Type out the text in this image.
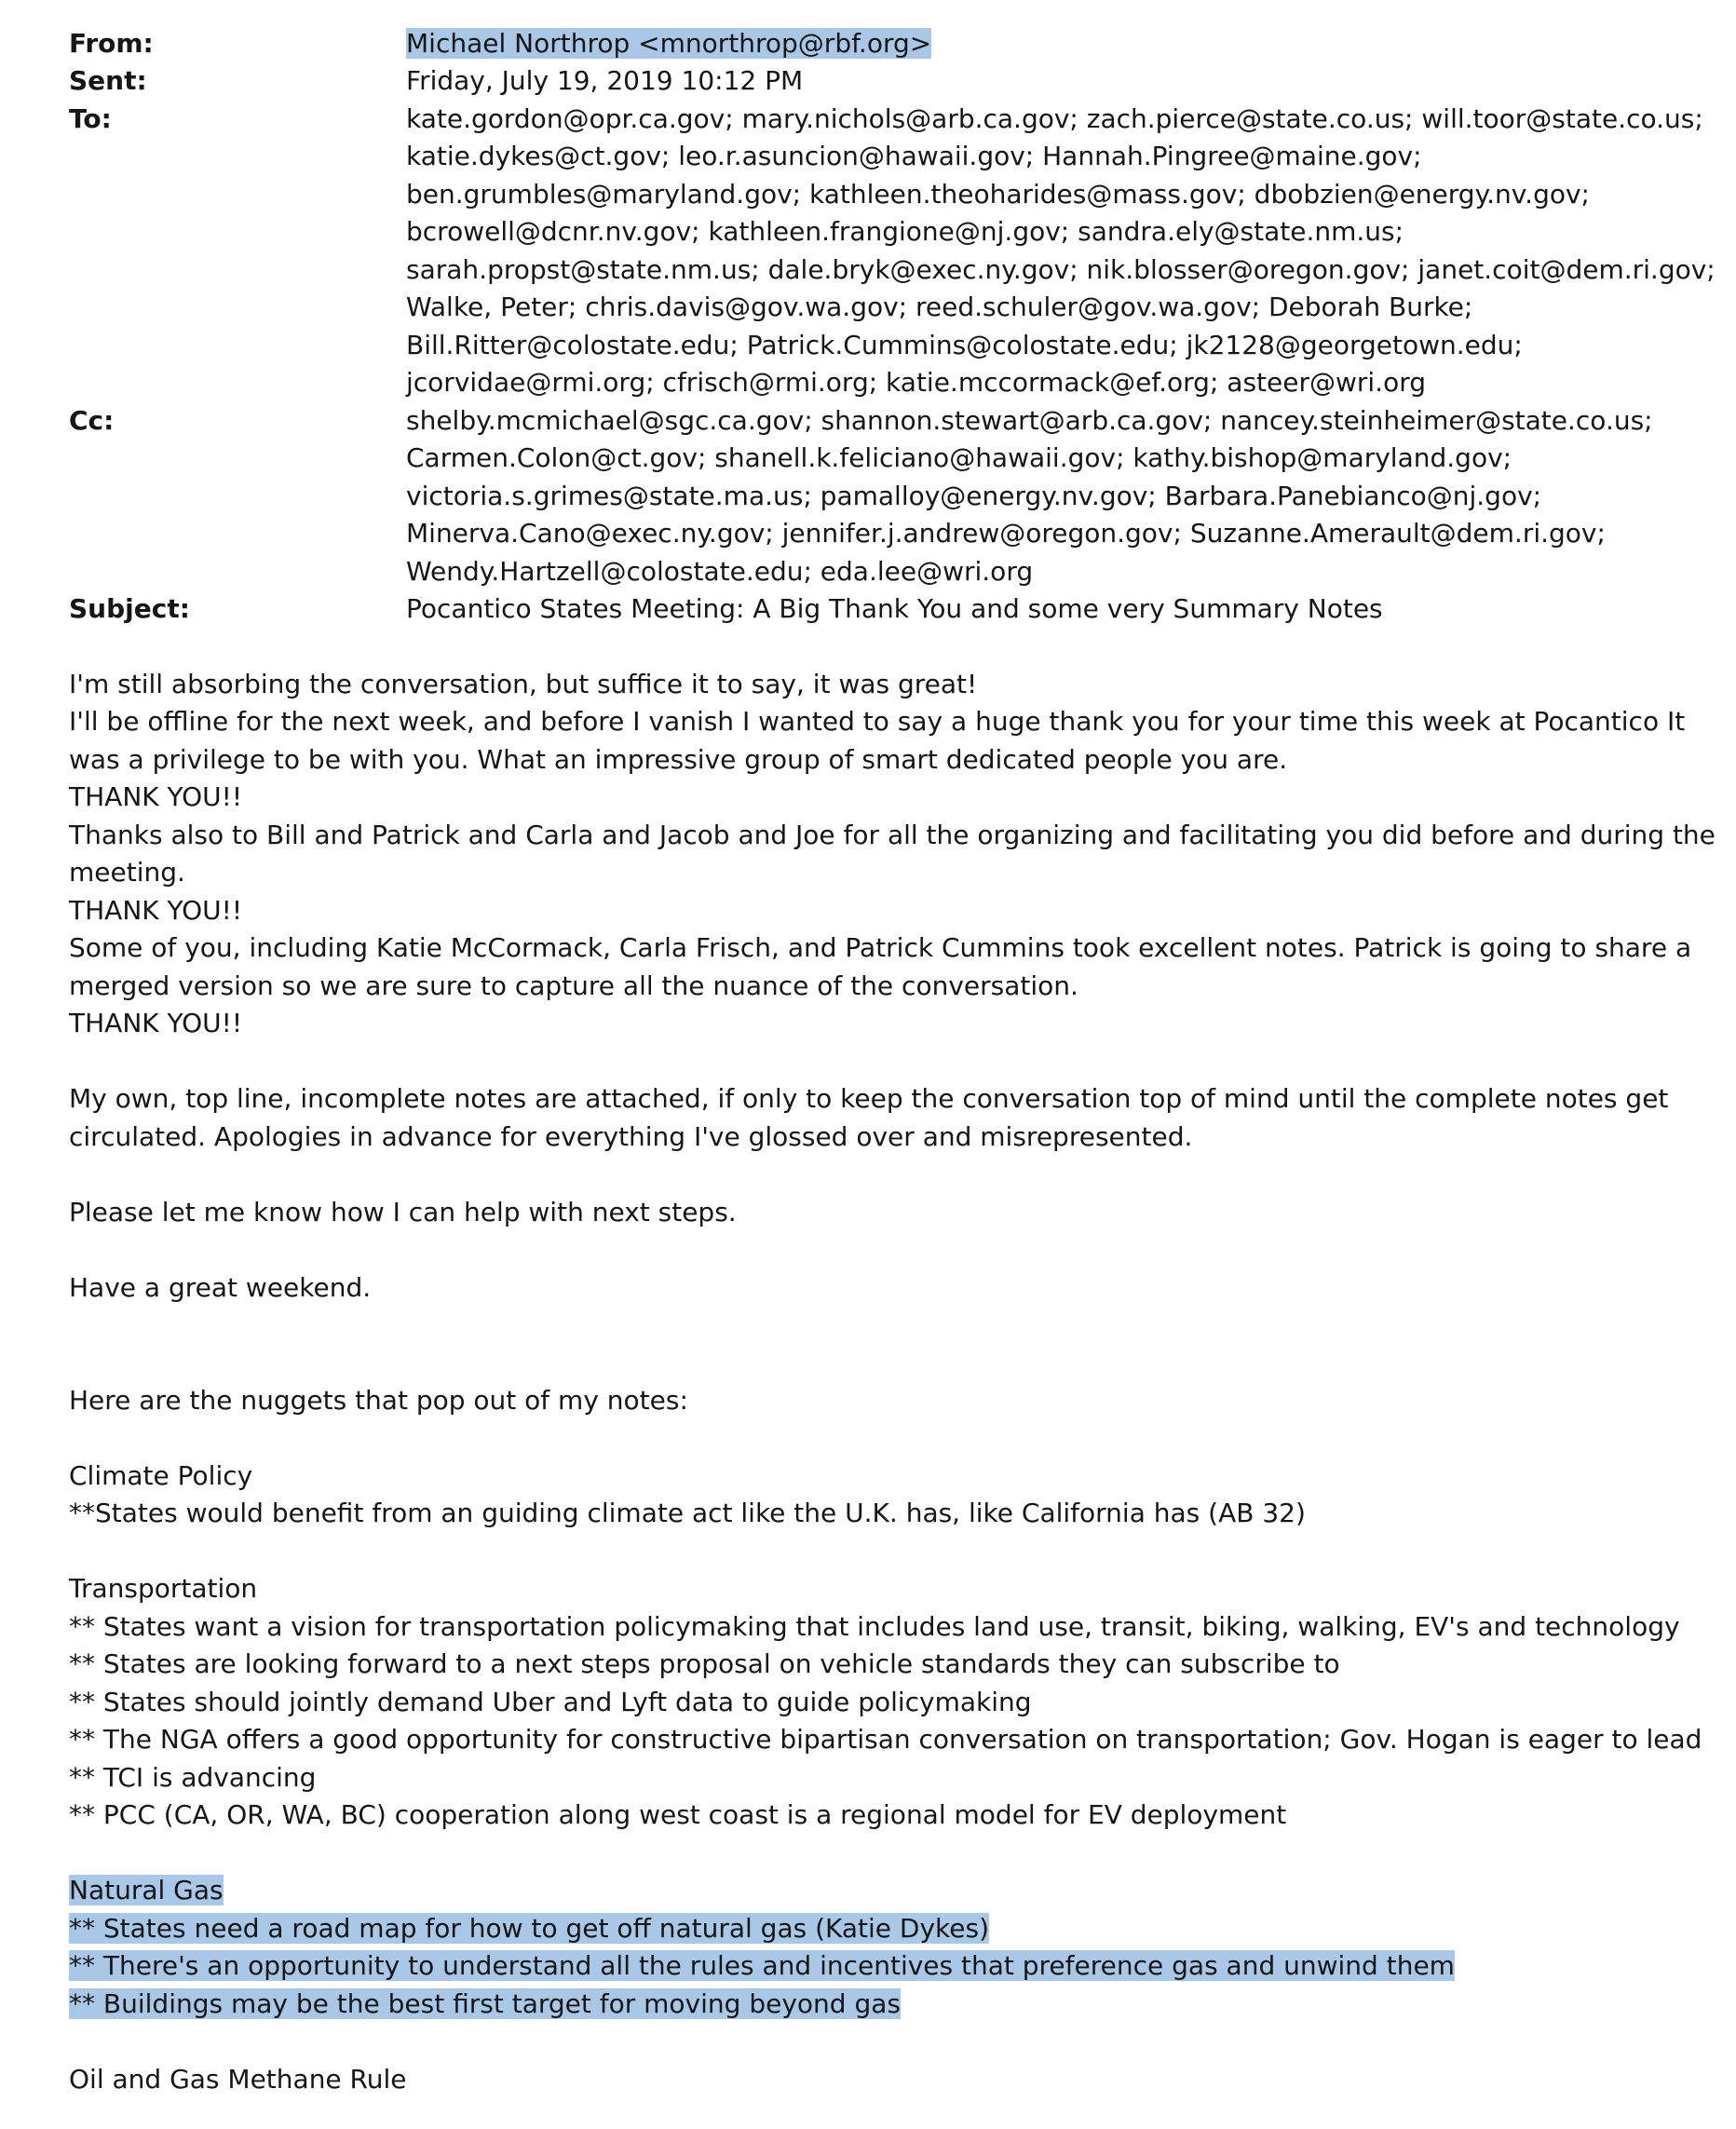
From:	Michael Northrop <mnorthrop@rbf.org>
Sent:	Friday, July 19, 2019 10:12 PM
To:	kate.gordon@opr.ca.gov; mary.nichols@arb.ca.gov; zach.pierce@state.co.us; will.toor@state.co.us;
katie.dykes@ct.gov; leo.r.asuncion@hawaii.gov; Hannah.Pingree@maine.gov;
ben.grumbles@maryland.gov; kathleen.theoharides@mass.gov; dbobzien@energy.nv.gov;
bcrowell@dcnr.nv.gov; kathleen.frangione@nj.gov; sandra.ely@state.nm.us;
sarah.propst@state.nm.us; dale.bryk@exec.ny.gov; nik.blosser@oregon.gov; janet.coit@dem.ri.gov;
Walke, Peter; chris.davis@gov.wa.gov; reed.schuler@gov.wa.gov; Deborah Burke;
Bill.Ritter@colostate.edu; Patrick.Cummins@colostate.edu; jk2128@georgetown.edu;
jcorvidae@rmi.org; cfrisch@rmi.org; katie.mccormack@ef.org; asteer@wri.org
Cc:	shelby.mcmichael@sgc.ca.gov; shannon.stewart@arb.ca.gov; nancey.steinheimer@state.co.us;
Carmen.Colon@ct.gov; shanell.k.feliciano@hawaii.gov; kathy.bishop@maryland.gov;
victoria.s.grimes@state.ma.us; pamalloy@energy.nv.gov; Barbara.Panebianco@nj.gov;
Minerva.Cano@exec.ny.gov; jennifer.j.andrew@oregon.gov; Suzanne.Amerault@dem.ri.gov;
Wendy.Hartzell@colostate.edu; eda.lee@wri.org
Subject:	Pocantico States Meeting: A Big Thank You and some very Summary Notes
I'm still absorbing the conversation, but suffice it to say, it was great!
I'll be offline for the next week, and before I vanish I wanted to say a huge thank you for your time this week at Pocantico It
was a privilege to be with you. What an impressive group of smart dedicated people you are.
THANK YOU!!
Thanks also to Bill and Patrick and Carla and Jacob and Joe for all the organizing and facilitating you did before and during the
meeting.
THANK YOU!!
Some of you, including Katie McCormack, Carla Frisch, and Patrick Cummins took excellent notes. Patrick is going to share a
merged version so we are sure to capture all the nuance of the conversation.
THANK YOU!!
My own, top line, incomplete notes are attached, if only to keep the conversation top of mind until the complete notes get
circulated. Apologies in advance for everything I've glossed over and misrepresented.
Please let me know how I can help with next steps.
Have a great weekend.
Here are the nuggets that pop out of my notes:
Climate Policy
**States would benefit from an guiding climate act like the U.K. has, like California has (AB 32)
Transportation
** States want a vision for transportation policymaking that includes land use, transit, biking, walking, EV's and technology
** States are looking forward to a next steps proposal on vehicle standards they can subscribe to
** States should jointly demand Uber and Lyft data to guide policymaking
** The NGA offers a good opportunity for constructive bipartisan conversation on transportation; Gov. Hogan is eager to lead
** TCI is advancing
** PCC (CA, OR, WA, BC) cooperation along west coast is a regional model for EV deployment
Natural Gas
** States need a road map for how to get off natural gas (Katie Dykes)
** There's an opportunity to understand all the rules and incentives that preference gas and unwind them
** Buildings may be the best first target for moving beyond gas
Oil and Gas Methane Rule
